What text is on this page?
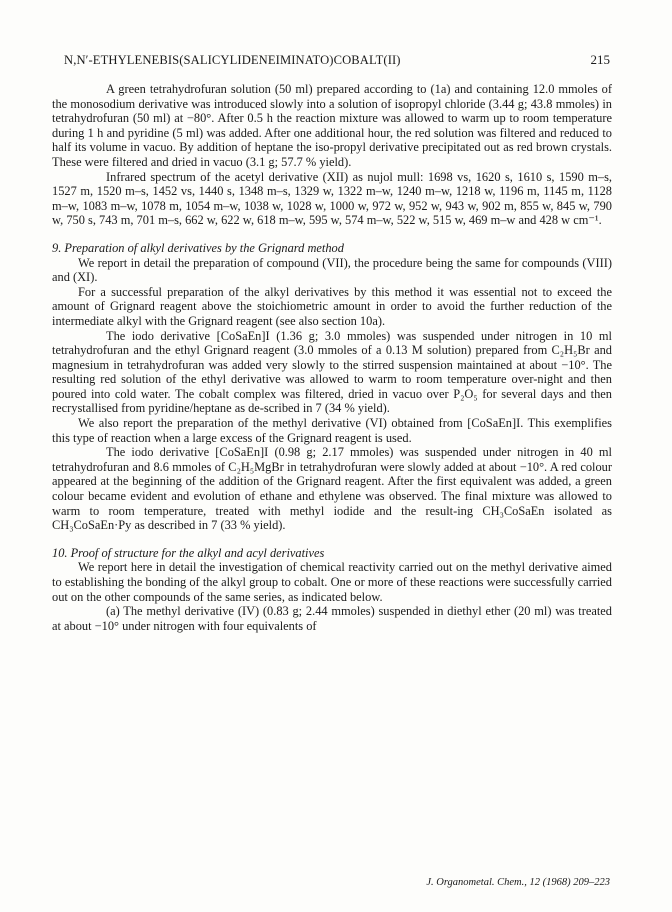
N,N′-ETHYLENEBIS(SALICYLIDENEIMINATO)COBALT(II)	215

A green tetrahydrofuran solution (50 ml) prepared according to (1a) and containing 12.0 mmoles of the monosodium derivative was introduced slowly into a solution of isopropyl chloride (3.44 g; 43.8 mmoles) in tetrahydrofuran (50 ml) at −80°. After 0.5 h the reaction mixture was allowed to warm up to room temperature during 1 h and pyridine (5 ml) was added. After one additional hour, the red solution was filtered and reduced to half its volume in vacuo. By addition of heptane the iso-propyl derivative precipitated out as red brown crystals. These were filtered and dried in vacuo (3.1 g; 57.7 % yield).

Infrared spectrum of the acetyl derivative (XII) as nujol mull: 1698 vs, 1620 s, 1610 s, 1590 m–s, 1527 m, 1520 m–s, 1452 vs, 1440 s, 1348 m–s, 1329 w, 1322 m–w, 1240 m–w, 1218 w, 1196 m, 1145 m, 1128 m–w, 1083 m–w, 1078 m, 1054 m–w, 1038 w, 1028 w, 1000 w, 972 w, 952 w, 943 w, 902 m, 855 w, 845 w, 790 w, 750 s, 743 m, 701 m–s, 662 w, 622 w, 618 m–w, 595 w, 574 m–w, 522 w, 515 w, 469 m–w and 428 w cm⁻¹.

9. Preparation of alkyl derivatives by the Grignard method

We report in detail the preparation of compound (VII), the procedure being the same for compounds (VIII) and (XI).

For a successful preparation of the alkyl derivatives by this method it was essential not to exceed the amount of Grignard reagent above the stoichiometric amount in order to avoid the further reduction of the intermediate alkyl with the Grignard reagent (see also section 10a).

The iodo derivative [CoSaEn]I (1.36 g; 3.0 mmoles) was suspended under nitrogen in 10 ml tetrahydrofuran and the ethyl Grignard reagent (3.0 mmoles of a 0.13 M solution) prepared from C₂H₅Br and magnesium in tetrahydrofuran was added very slowly to the stirred suspension maintained at about −10°. The resulting red solution of the ethyl derivative was allowed to warm to room temperature over-night and then poured into cold water. The cobalt complex was filtered, dried in vacuo over P₂O₅ for several days and then recrystallised from pyridine/heptane as de-scribed in 7 (34 % yield).

We also report the preparation of the methyl derivative (VI) obtained from [CoSaEn]I. This exemplifies this type of reaction when a large excess of the Grignard reagent is used.

The iodo derivative [CoSaEn]I (0.98 g; 2.17 mmoles) was suspended under nitrogen in 40 ml tetrahydrofuran and 8.6 mmoles of C₂H₅MgBr in tetrahydrofuran were slowly added at about −10°. A red colour appeared at the beginning of the addition of the Grignard reagent. After the first equivalent was added, a green colour became evident and evolution of ethane and ethylene was observed. The final mixture was allowed to warm to room temperature, treated with methyl iodide and the result-ing CH₃CoSaEn isolated as CH₃CoSaEn·Py as described in 7 (33 % yield).

10. Proof of structure for the alkyl and acyl derivatives

We report here in detail the investigation of chemical reactivity carried out on the methyl derivative aimed to establishing the bonding of the alkyl group to cobalt. One or more of these reactions were successfully carried out on the other compounds of the same series, as indicated below.

(a) The methyl derivative (IV) (0.83 g; 2.44 mmoles) suspended in diethyl ether (20 ml) was treated at about −10° under nitrogen with four equivalents of

J. Organometal. Chem., 12 (1968) 209–223
